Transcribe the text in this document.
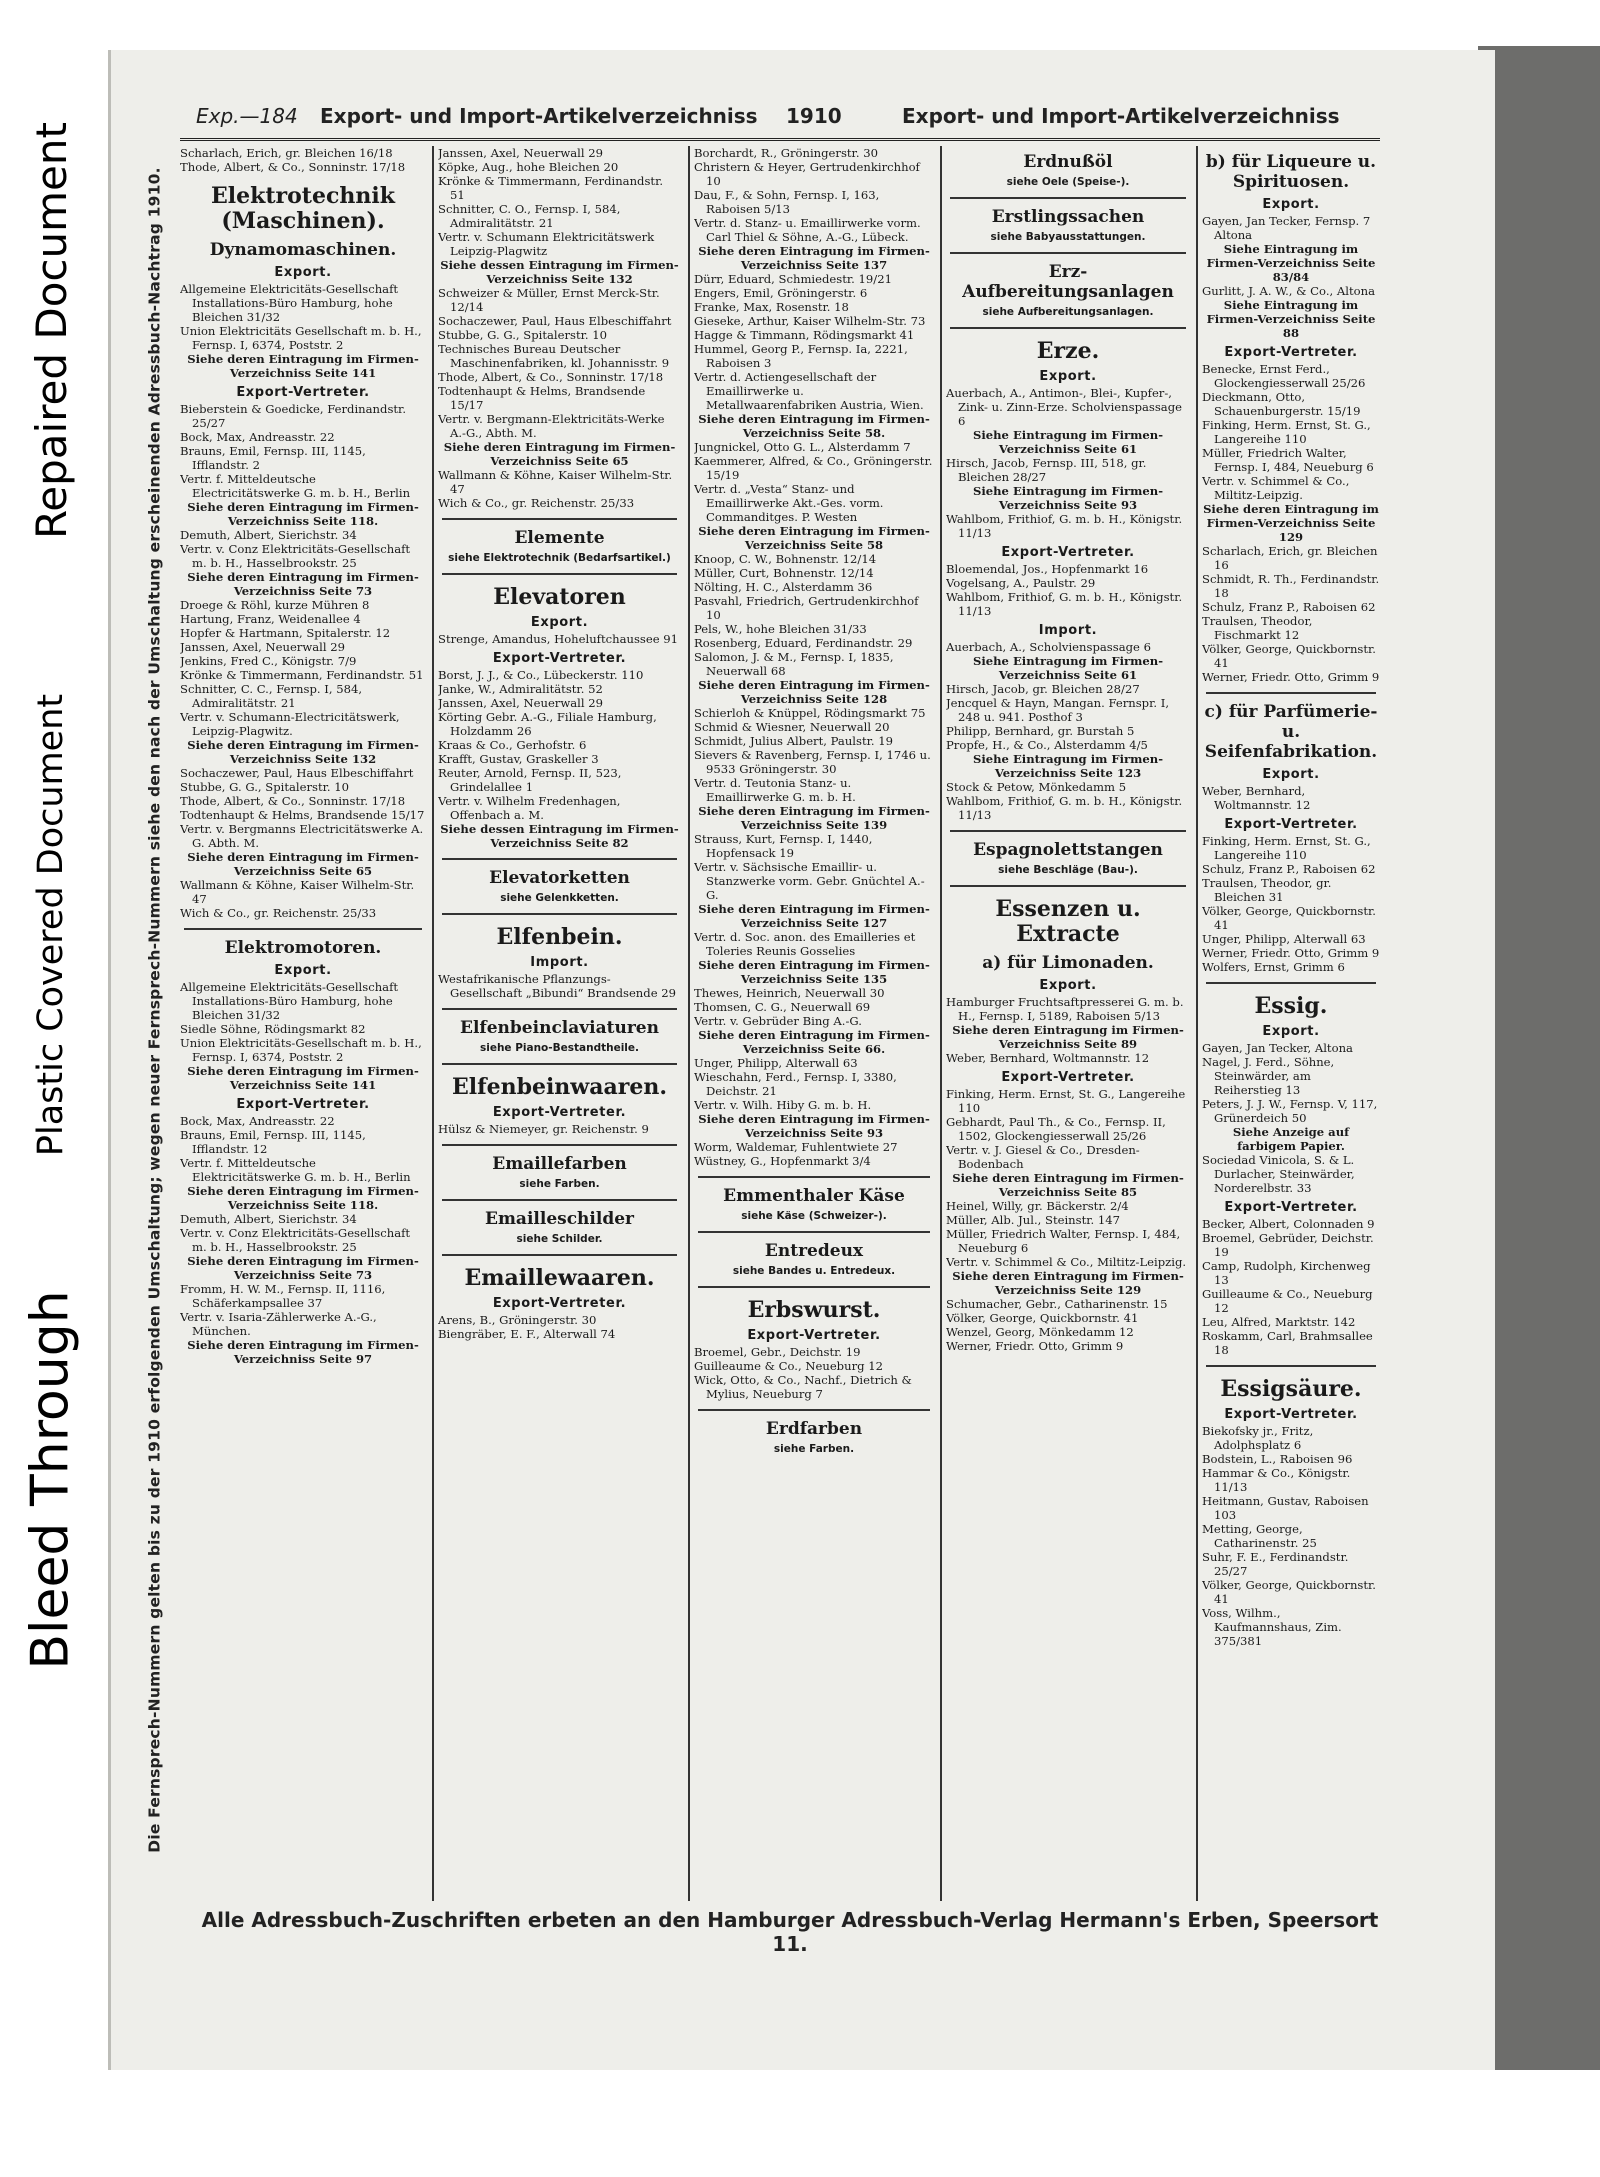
Repaired Document
Plastic Covered Document
Bleed Through	Die Fernsprech-Nummern gelten bis zu der 1910 erfolgenden Umschaltung; wegen neuer Fernsprech-Nummern siehe den nach der Umschaltung erscheinenden Adressbuch-Nachtrag 1910.
Exp.—184 Export- und Import-Artikelverzeichniss 1910	Export- und Import-Artikelverzeichniss

Scharlach, Erich, gr. Bleichen 16/18

Thode, Albert, & Co., Sonninstr. 17/18

Elektrotechnik (Maschinen).
Dynamomaschinen.
Export.

Allgemeine Elektricitäts-Gesellschaft Installations-Büro Hamburg, hohe Bleichen 31/32

Union Elektricitäts Gesellschaft m. b. H., Fernsp. I, 6374, Poststr. 2

Siehe deren Eintragung im Firmen-Verzeichniss Seite 141

Export-Vertreter.

Bieberstein & Goedicke, Ferdinandstr. 25/27

Bock, Max, Andreasstr. 22

Brauns, Emil, Fernsp. III, 1145, Ifflandstr. 2

Vertr. f. Mitteldeutsche Electricitätswerke G. m. b. H., Berlin

Siehe deren Eintragung im Firmen-Verzeichniss Seite 118.

Demuth, Albert, Sierichstr. 34

Vertr. v. Conz Elektricitäts-Gesellschaft m. b. H., Hasselbrookstr. 25

Siehe deren Eintragung im Firmen-Verzeichniss Seite 73

Droege & Röhl, kurze Mühren 8

Hartung, Franz, Weidenallee 4

Hopfer & Hartmann, Spitalerstr. 12

Janssen, Axel, Neuerwall 29

Jenkins, Fred C., Königstr. 7/9

Krönke & Timmermann, Ferdinandstr. 51

Schnitter, C. C., Fernsp. I, 584, Admiralitätstr. 21

Vertr. v. Schumann-Electricitätswerk, Leipzig-Plagwitz.

Siehe deren Eintragung im Firmen-Verzeichniss Seite 132

Sochaczewer, Paul, Haus Elbeschiffahrt

Stubbe, G. G., Spitalerstr. 10

Thode, Albert, & Co., Sonninstr. 17/18

Todtenhaupt & Helms, Brandsende 15/17

Vertr. v. Bergmanns Electricitätswerke A. G. Abth. M.

Siehe deren Eintragung im Firmen-Verzeichniss Seite 65

Wallmann & Köhne, Kaiser Wilhelm-Str. 47

Wich & Co., gr. Reichenstr. 25/33

Elektromotoren.
Export.

Allgemeine Elektricitäts-Gesellschaft Installations-Büro Hamburg, hohe Bleichen 31/32

Siedle Söhne, Rödingsmarkt 82

Union Elektricitäts-Gesellschaft m. b. H., Fernsp. I, 6374, Poststr. 2

Siehe deren Eintragung im Firmen-Verzeichniss Seite 141

Export-Vertreter.

Bock, Max, Andreasstr. 22

Brauns, Emil, Fernsp. III, 1145, Ifflandstr. 12

Vertr. f. Mitteldeutsche Elektricitätswerke G. m. b. H., Berlin

Siehe deren Eintragung im Firmen-Verzeichniss Seite 118.

Demuth, Albert, Sierichstr. 34

Vertr. v. Conz Elektricitäts-Gesellschaft m. b. H., Hasselbrookstr. 25

Siehe deren Eintragung im Firmen-Verzeichniss Seite 73

Fromm, H. W. M., Fernsp. II, 1116, Schäferkampsallee 37

Vertr. v. Isaria-Zählerwerke A.-G., München.

Siehe deren Eintragung im Firmen-Verzeichniss Seite 97

Janssen, Axel, Neuerwall 29

Köpke, Aug., hohe Bleichen 20

Krönke & Timmermann, Ferdinandstr. 51

Schnitter, C. O., Fernsp. I, 584, Admiralitätstr. 21

Vertr. v. Schumann Elektricitätswerk Leipzig-Plagwitz

Siehe dessen Eintragung im Firmen-Verzeichniss Seite 132

Schweizer & Müller, Ernst Merck-Str. 12/14

Sochaczewer, Paul, Haus Elbeschiffahrt

Stubbe, G. G., Spitalerstr. 10

Technisches Bureau Deutscher Maschinenfabriken, kl. Johannisstr. 9

Thode, Albert, & Co., Sonninstr. 17/18

Todtenhaupt & Helms, Brandsende 15/17

Vertr. v. Bergmann-Elektricitäts-Werke A.-G., Abth. M.

Siehe deren Eintragung im Firmen-Verzeichniss Seite 65

Wallmann & Köhne, Kaiser Wilhelm-Str. 47

Wich & Co., gr. Reichenstr. 25/33

Elemente

siehe Elektrotechnik (Bedarfsartikel.)

Elevatoren
Export.

Strenge, Amandus, Hoheluftchaussee 91

Export-Vertreter.

Borst, J. J., & Co., Lübeckerstr. 110

Janke, W., Admiralitätstr. 52

Janssen, Axel, Neuerwall 29

Körting Gebr. A.-G., Filiale Hamburg, Holzdamm 26

Kraas & Co., Gerhofstr. 6

Krafft, Gustav, Graskeller 3

Reuter, Arnold, Fernsp. II, 523, Grindelallee 1

Vertr. v. Wilhelm Fredenhagen, Offenbach a. M.

Siehe dessen Eintragung im Firmen-Verzeichniss Seite 82

Elevatorketten

siehe Gelenkketten.

Elfenbein.
Import.

Westafrikanische Pflanzungs-Gesellschaft „Bibundi“ Brandsende 29

Elfenbeinclaviaturen

siehe Piano-Bestandtheile.

Elfenbeinwaaren.
Export-Vertreter.

Hülsz & Niemeyer, gr. Reichenstr. 9

Emaillefarben

siehe Farben.

Emailleschilder

siehe Schilder.

Emaillewaaren.
Export-Vertreter.

Arens, B., Gröningerstr. 30

Biengräber, E. F., Alterwall 74

Borchardt, R., Gröningerstr. 30

Christern & Heyer, Gertrudenkirchhof 10

Dau, F., & Sohn, Fernsp. I, 163, Raboisen 5/13

Vertr. d. Stanz- u. Emaillirwerke vorm. Carl Thiel & Söhne, A.-G., Lübeck.

Siehe deren Eintragung im Firmen-Verzeichniss Seite 137

Dürr, Eduard, Schmiedestr. 19/21

Engers, Emil, Gröningerstr. 6

Franke, Max, Rosenstr. 18

Gieseke, Arthur, Kaiser Wilhelm-Str. 73

Hagge & Timmann, Rödingsmarkt 41

Hummel, Georg P., Fernsp. Ia, 2221, Raboisen 3

Vertr. d. Actiengesellschaft der Emaillirwerke u. Metallwaarenfabriken Austria, Wien.

Siehe deren Eintragung im Firmen-Verzeichniss Seite 58.

Jungnickel, Otto G. L., Alsterdamm 7

Kaemmerer, Alfred, & Co., Gröningerstr. 15/19

Vertr. d. „Vesta“ Stanz- und Emaillirwerke Akt.-Ges. vorm. Commanditges. P. Westen

Siehe deren Eintragung im Firmen-Verzeichniss Seite 58

Knoop, C. W., Bohnenstr. 12/14

Müller, Curt, Bohnenstr. 12/14

Nölting, H. C., Alsterdamm 36

Pasvahl, Friedrich, Gertrudenkirchhof 10

Pels, W., hohe Bleichen 31/33

Rosenberg, Eduard, Ferdinandstr. 29

Salomon, J. & M., Fernsp. I, 1835, Neuerwall 68

Siehe deren Eintragung im Firmen-Verzeichniss Seite 128

Schierloh & Knüppel, Rödingsmarkt 75

Schmid & Wiesner, Neuerwall 20

Schmidt, Julius Albert, Paulstr. 19

Sievers & Ravenberg, Fernsp. I, 1746 u. 9533 Gröningerstr. 30

Vertr. d. Teutonia Stanz- u. Emaillirwerke G. m. b. H.

Siehe deren Eintragung im Firmen-Verzeichniss Seite 139

Strauss, Kurt, Fernsp. I, 1440, Hopfensack 19

Vertr. v. Sächsische Emaillir- u. Stanzwerke vorm. Gebr. Gnüchtel A.-G.

Siehe deren Eintragung im Firmen-Verzeichniss Seite 127

Vertr. d. Soc. anon. des Emailleries et Toleries Reunis Gosselies

Siehe deren Eintragung im Firmen-Verzeichniss Seite 135

Thewes, Heinrich, Neuerwall 30

Thomsen, C. G., Neuerwall 69

Vertr. v. Gebrüder Bing A.-G.

Siehe deren Eintragung im Firmen-Verzeichniss Seite 66.

Unger, Philipp, Alterwall 63

Wieschahn, Ferd., Fernsp. I, 3380, Deichstr. 21

Vertr. v. Wilh. Hiby G. m. b. H.

Siehe deren Eintragung im Firmen-Verzeichniss Seite 93

Worm, Waldemar, Fuhlentwiete 27

Wüstney, G., Hopfenmarkt 3/4

Emmenthaler Käse

siehe Käse (Schweizer-).

Entredeux

siehe Bandes u. Entredeux.

Erbswurst.
Export-Vertreter.

Broemel, Gebr., Deichstr. 19

Guilleaume & Co., Neueburg 12

Wick, Otto, & Co., Nachf., Dietrich & Mylius, Neueburg 7

Erdfarben

siehe Farben.

Erdnußöl

siehe Oele (Speise-).

Erstlingssachen

siehe Babyausstattungen.

Erz-Aufbereitungsanlagen

siehe Aufbereitungsanlagen.

Erze.
Export.

Auerbach, A., Antimon-, Blei-, Kupfer-, Zink- u. Zinn-Erze. Scholvienspassage 6

Siehe Eintragung im Firmen-Verzeichniss Seite 61

Hirsch, Jacob, Fernsp. III, 518, gr. Bleichen 28/27

Siehe Eintragung im Firmen-Verzeichniss Seite 93

Wahlbom, Frithiof, G. m. b. H., Königstr. 11/13

Export-Vertreter.

Bloemendal, Jos., Hopfenmarkt 16

Vogelsang, A., Paulstr. 29

Wahlbom, Frithiof, G. m. b. H., Königstr. 11/13

Import.

Auerbach, A., Scholvienspassage 6

Siehe Eintragung im Firmen-Verzeichniss Seite 61

Hirsch, Jacob, gr. Bleichen 28/27

Jencquel & Hayn, Mangan. Fernspr. I, 248 u. 941. Posthof 3

Philipp, Bernhard, gr. Burstah 5

Propfe, H., & Co., Alsterdamm 4/5

Siehe Eintragung im Firmen-Verzeichniss Seite 123

Stock & Petow, Mönkedamm 5

Wahlbom, Frithiof, G. m. b. H., Königstr. 11/13

Espagnolettstangen

siehe Beschläge (Bau-).

Essenzen u. Extracte
a) für Limonaden.
Export.

Hamburger Fruchtsaftpresserei G. m. b. H., Fernsp. I, 5189, Raboisen 5/13

Siehe deren Eintragung im Firmen-Verzeichniss Seite 89

Weber, Bernhard, Woltmannstr. 12

Export-Vertreter.

Finking, Herm. Ernst, St. G., Langereihe 110

Gebhardt, Paul Th., & Co., Fernsp. II, 1502, Glockengiesserwall 25/26

Vertr. v. J. Giesel & Co., Dresden-Bodenbach

Siehe deren Eintragung im Firmen-Verzeichniss Seite 85

Heinel, Willy, gr. Bäckerstr. 2/4

Müller, Alb. Jul., Steinstr. 147

Müller, Friedrich Walter, Fernsp. I, 484, Neueburg 6

Vertr. v. Schimmel & Co., Miltitz-Leipzig.

Siehe deren Eintragung im Firmen-Verzeichniss Seite 129

Schumacher, Gebr., Catharinenstr. 15

Völker, George, Quickbornstr. 41

Wenzel, Georg, Mönkedamm 12

Werner, Friedr. Otto, Grimm 9

b) für Liqueure u. Spirituosen.
Export.

Gayen, Jan Tecker, Fernsp. 7 Altona

Siehe Eintragung im Firmen-Verzeichniss Seite 83/84

Gurlitt, J. A. W., & Co., Altona

Siehe Eintragung im Firmen-Verzeichniss Seite 88

Export-Vertreter.

Benecke, Ernst Ferd., Glockengiesserwall 25/26

Dieckmann, Otto, Schauenburgerstr. 15/19

Finking, Herm. Ernst, St. G., Langereihe 110

Müller, Friedrich Walter, Fernsp. I, 484, Neueburg 6

Vertr. v. Schimmel & Co., Miltitz-Leipzig.

Siehe deren Eintragung im Firmen-Verzeichniss Seite 129

Scharlach, Erich, gr. Bleichen 16

Schmidt, R. Th., Ferdinandstr. 18

Schulz, Franz P., Raboisen 62

Traulsen, Theodor, Fischmarkt 12

Völker, George, Quickbornstr. 41

Werner, Friedr. Otto, Grimm 9

c) für Parfümerie- u. Seifenfabrikation.
Export.

Weber, Bernhard, Woltmannstr. 12

Export-Vertreter.

Finking, Herm. Ernst, St. G., Langereihe 110

Schulz, Franz P., Raboisen 62

Traulsen, Theodor, gr. Bleichen 31

Völker, George, Quickbornstr. 41

Unger, Philipp, Alterwall 63

Werner, Friedr. Otto, Grimm 9

Wolfers, Ernst, Grimm 6

Essig.
Export.

Gayen, Jan Tecker, Altona

Nagel, J. Ferd., Söhne, Steinwärder, am Reiherstieg 13

Peters, J. J. W., Fernsp. V, 117, Grünerdeich 50

Siehe Anzeige auf farbigem Papier.

Sociedad Vinicola, S. & L. Durlacher, Steinwärder, Norderelbstr. 33

Export-Vertreter.

Becker, Albert, Colonnaden 9

Broemel, Gebrüder, Deichstr. 19

Camp, Rudolph, Kirchenweg 13

Guilleaume & Co., Neueburg 12

Leu, Alfred, Marktstr. 142

Roskamm, Carl, Brahmsallee 18

Essigsäure.
Export-Vertreter.

Biekofsky jr., Fritz, Adolphsplatz 6

Bodstein, L., Raboisen 96

Hammar & Co., Königstr. 11/13

Heitmann, Gustav, Raboisen 103

Metting, George, Catharinenstr. 25

Suhr, F. E., Ferdinandstr. 25/27

Völker, George, Quickbornstr. 41

Voss, Wilhm., Kaufmannshaus, Zim. 375/381

Alle Adressbuch-Zuschriften erbeten an den Hamburger Adressbuch-Verlag Hermann's Erben, Speersort 11.
